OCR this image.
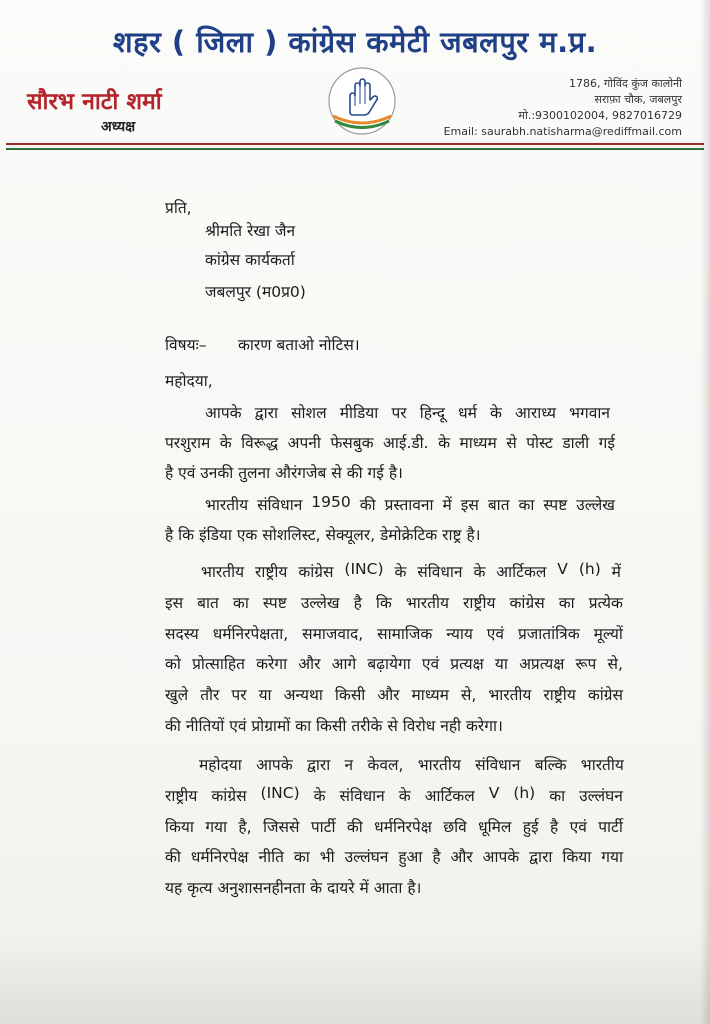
शहर ( जिला ) कांग्रेस कमेटी जबलपुर म.प्र.
सौरभ नाटी शर्मा
अध्यक्ष
1786, गोविंद कुंज कालोनी
सराफ़ा चौक, जबलपुर
मो.:9300102004, 9827016729
Email: saurabh.natisharma@rediffmail.com
प्रति,
श्रीमति रेखा जैन
कांग्रेस कार्यकर्ता
जबलपुर (म0प्र0)
विषयः– कारण बताओ नोटिस।
महोदया,
आपके द्वारा सोशल मीडिया पर हिन्दू धर्म के आराध्य भगवान
परशुराम के विरूद्ध अपनी फेसबुक आई.डी. के माध्यम से पोस्ट डाली गई
है एवं उनकी तुलना औरंगजेब से की गई है।
भारतीय संविधान 1950 की प्रस्तावना में इस बात का स्पष्ट उल्लेख
है कि इंडिया एक सोशलिस्ट, सेक्यूलर, डेमोक्रेटिक राष्ट्र है।
भारतीय राष्ट्रीय कांग्रेस (INC) के संविधान के आर्टिकल V (h) में
इस बात का स्पष्ट उल्लेख है कि भारतीय राष्ट्रीय कांग्रेस का प्रत्येक
सदस्य धर्मनिरपेक्षता, समाजवाद, सामाजिक न्याय एवं प्रजातांत्रिक मूल्यों
को प्रोत्साहित करेगा और आगे बढ़ायेगा एवं प्रत्यक्ष या अप्रत्यक्ष रूप से,
खुले तौर पर या अन्यथा किसी और माध्यम से, भारतीय राष्ट्रीय कांग्रेस
की नीतियों एवं प्रोग्रामों का किसी तरीके से विरोध नही करेगा।
महोदया आपके द्वारा न केवल, भारतीय संविधान बल्कि भारतीय
राष्ट्रीय कांग्रेस (INC) के संविधान के आर्टिकल V (h) का उल्लंघन
किया गया है, जिससे पार्टी की धर्मनिरपेक्ष छवि धूमिल हुई है एवं पार्टी
की धर्मनिरपेक्ष नीति का भी उल्लंघन हुआ है और आपके द्वारा किया गया
यह कृत्य अनुशासनहीनता के दायरे में आता है।
